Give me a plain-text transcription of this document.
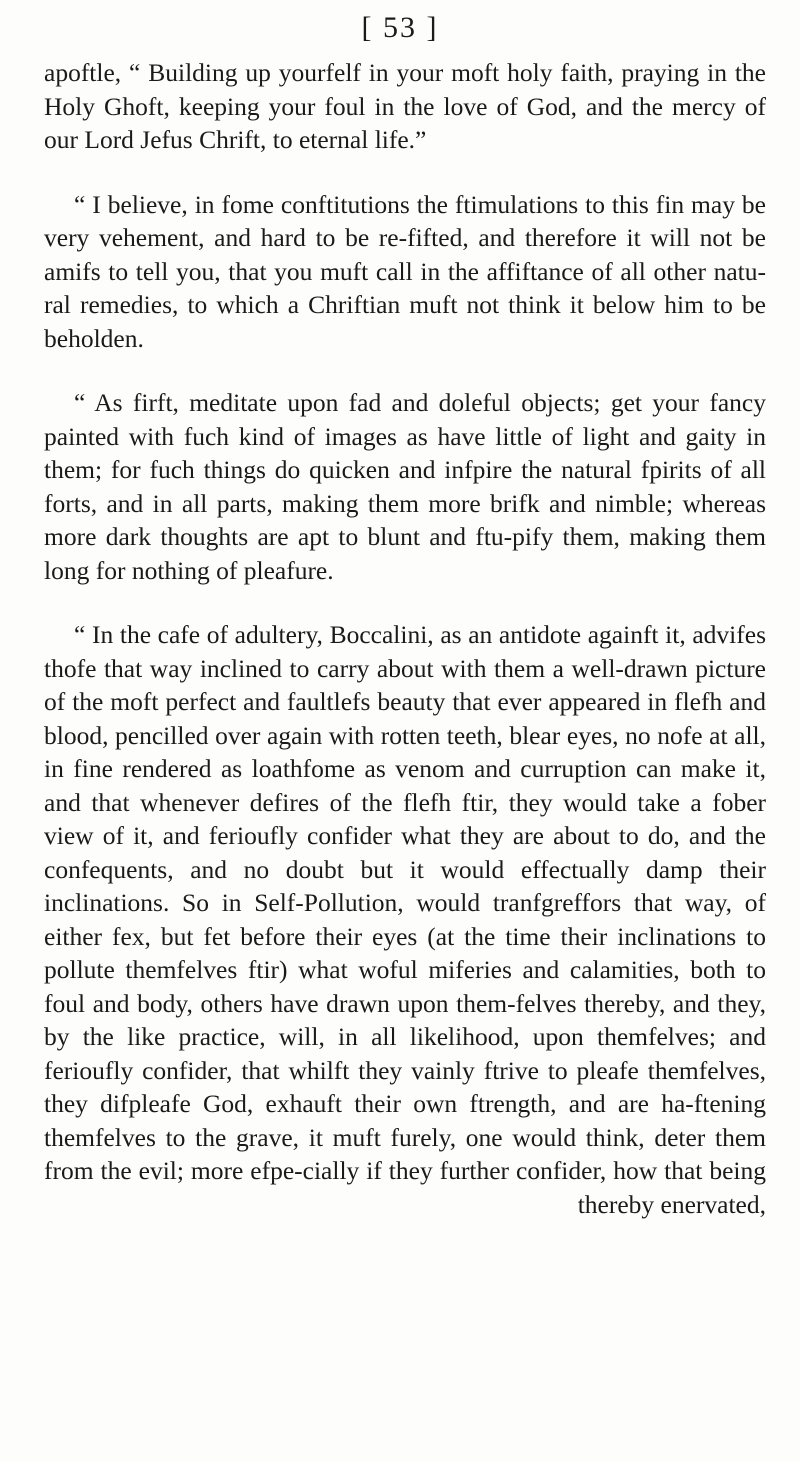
[ 53 ]

apoftle, “ Building up yourfelf in your moft holy faith, praying in the Holy Ghoft, keeping your foul in the love of God, and the mercy of our Lord Jefus Chrift, to eternal life.”

“ I believe, in fome conftitutions the ftimulations to this fin may be very vehement, and hard to be re-fifted, and therefore it will not be amifs to tell you, that you muft call in the affiftance of all other natu-ral remedies, to which a Chriftian muft not think it below him to be beholden.

“ As firft, meditate upon fad and doleful objects; get your fancy painted with fuch kind of images as have little of light and gaity in them; for fuch things do quicken and infpire the natural fpirits of all forts, and in all parts, making them more brifk and nimble; whereas more dark thoughts are apt to blunt and ftu-pify them, making them long for nothing of pleafure.

“ In the cafe of adultery, Boccalini, as an antidote againft it, advifes thofe that way inclined to carry about with them a well-drawn picture of the moft perfect and faultlefs beauty that ever appeared in flefh and blood, pencilled over again with rotten teeth, blear eyes, no nofe at all, in fine rendered as loathfome as venom and curruption can make it, and that whenever defires of the flefh ftir, they would take a fober view of it, and ferioufly confider what they are about to do, and the confequents, and no doubt but it would effectually damp their inclinations. So in Self-Pollution, would tranfgreffors that way, of either fex, but fet before their eyes (at the time their inclinations to pollute themfelves ftir) what woful miferies and calamities, both to foul and body, others have drawn upon them-felves thereby, and they, by the like practice, will, in all likelihood, upon themfelves; and ferioufly confider, that whilft they vainly ftrive to pleafe themfelves, they difpleafe God, exhauft their own ftrength, and are ha-ftening themfelves to the grave, it muft furely, one would think, deter them from the evil; more efpe-cially if they further confider, how that being thereby enervated,
